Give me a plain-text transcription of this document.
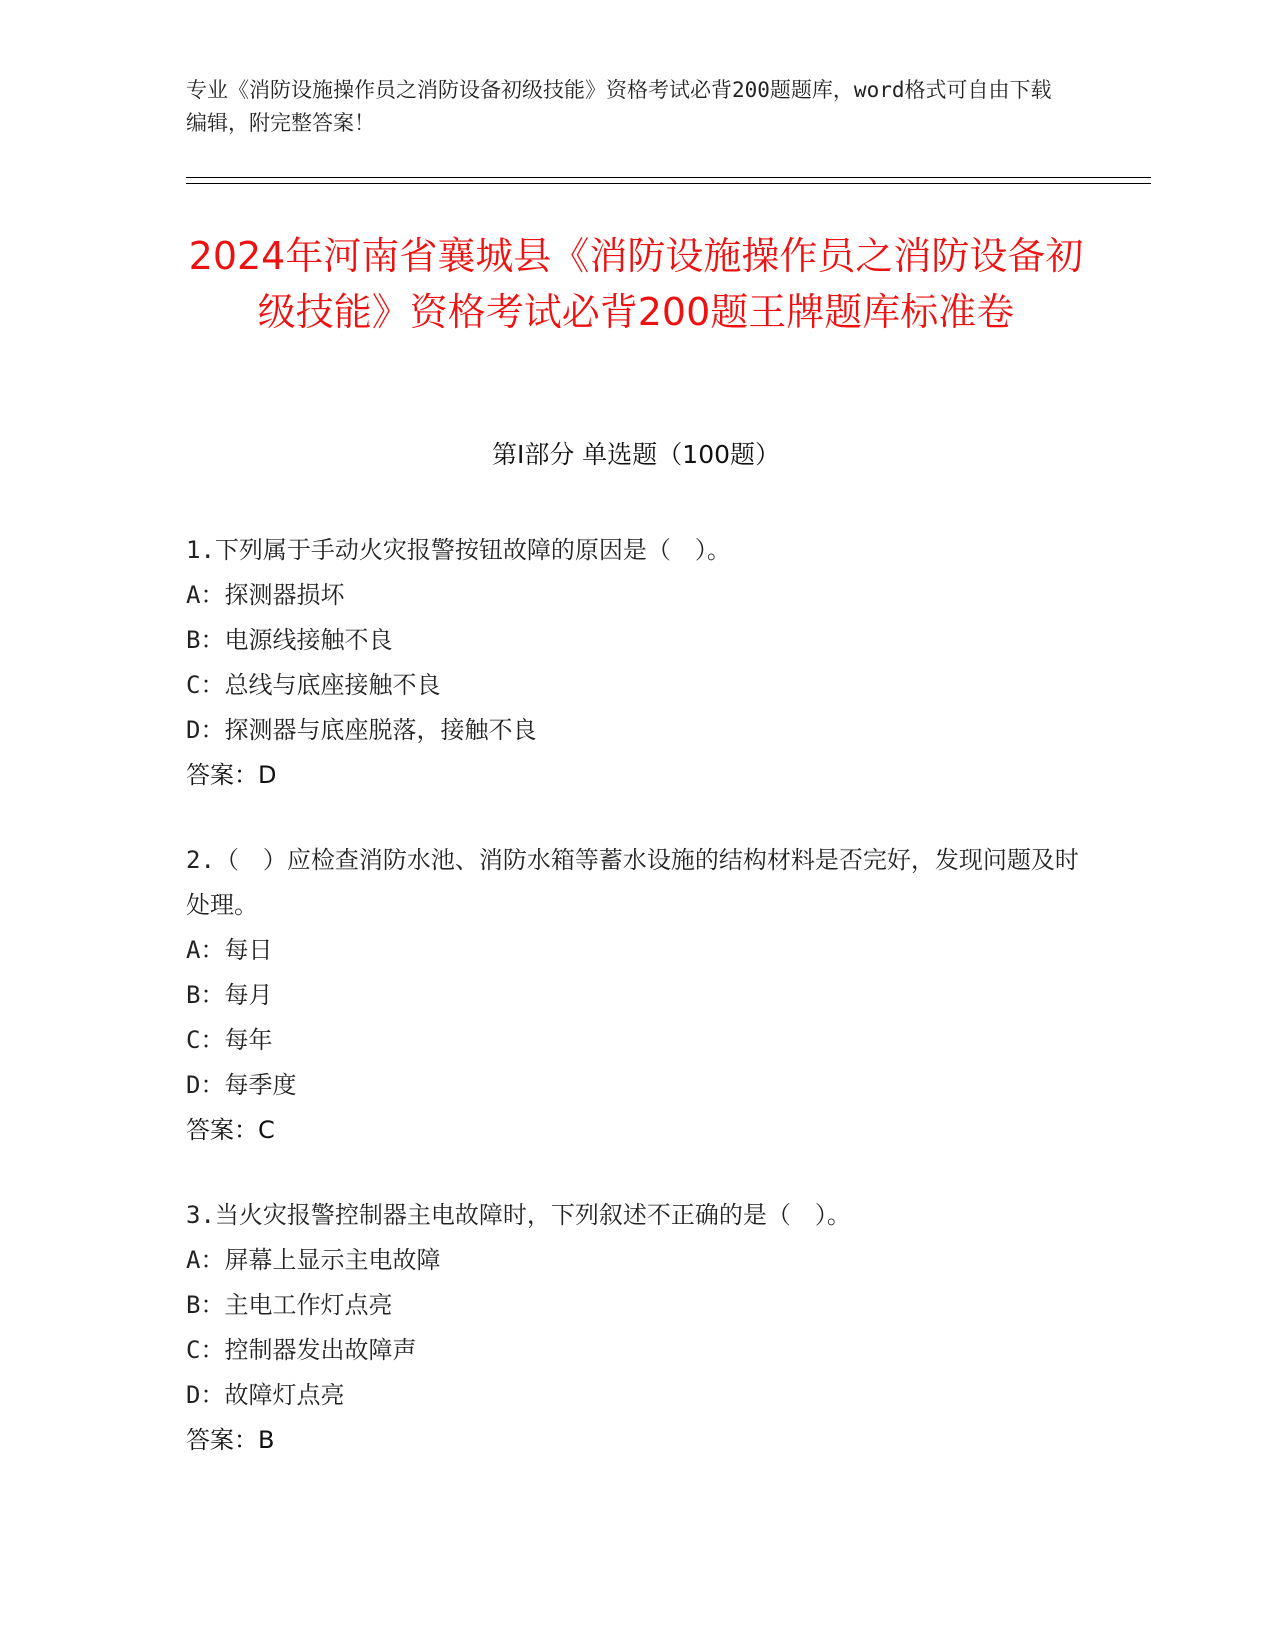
专业《消防设施操作员之消防设备初级技能》资格考试必背200题题库，word格式可自由下载编辑，附完整答案！
2024年河南省襄城县《消防设施操作员之消防设备初级技能》资格考试必背200题王牌题库标准卷
第I部分 单选题（100题）
1.下列属于手动火灾报警按钮故障的原因是（　）。
A：探测器损坏
B：电源线接触不良
C：总线与底座接触不良
D：探测器与底座脱落，接触不良
答案：D
2.（　）应检查消防水池、消防水箱等蓄水设施的结构材料是否完好，发现问题及时处理。
A：每日
B：每月
C：每年
D：每季度
答案：C
3.当火灾报警控制器主电故障时，下列叙述不正确的是（　）。
A：屏幕上显示主电故障
B：主电工作灯点亮
C：控制器发出故障声
D：故障灯点亮
答案：B
